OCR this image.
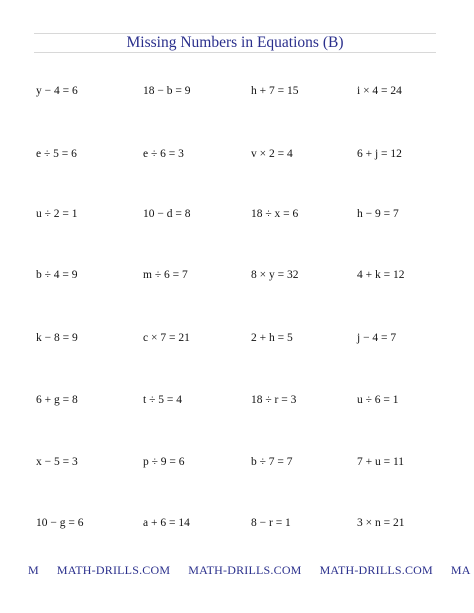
Missing Numbers in Equations (B)
y − 4 = 6	18 − b = 9	h + 7 = 15	i × 4 = 24
e ÷ 5 = 6	e ÷ 6 = 3	v × 2 = 4	6 + j = 12
u ÷ 2 = 1	10 − d = 8	18 ÷ x = 6	h − 9 = 7
b ÷ 4 = 9	m ÷ 6 = 7	8 × y = 32	4 + k = 12
k − 8 = 9	c × 7 = 21	2 + h = 5	j − 4 = 7
6 + g = 8	t ÷ 5 = 4	18 ÷ r = 3	u ÷ 6 = 1
x − 5 = 3	p ÷ 9 = 6	b ÷ 7 = 7	7 + u = 11
10 − g = 6	a + 6 = 14	8 − r = 1	3 × n = 21
M MATH-DRILLS.COM MATH-DRILLS.COM MATH-DRILLS.COM MA
